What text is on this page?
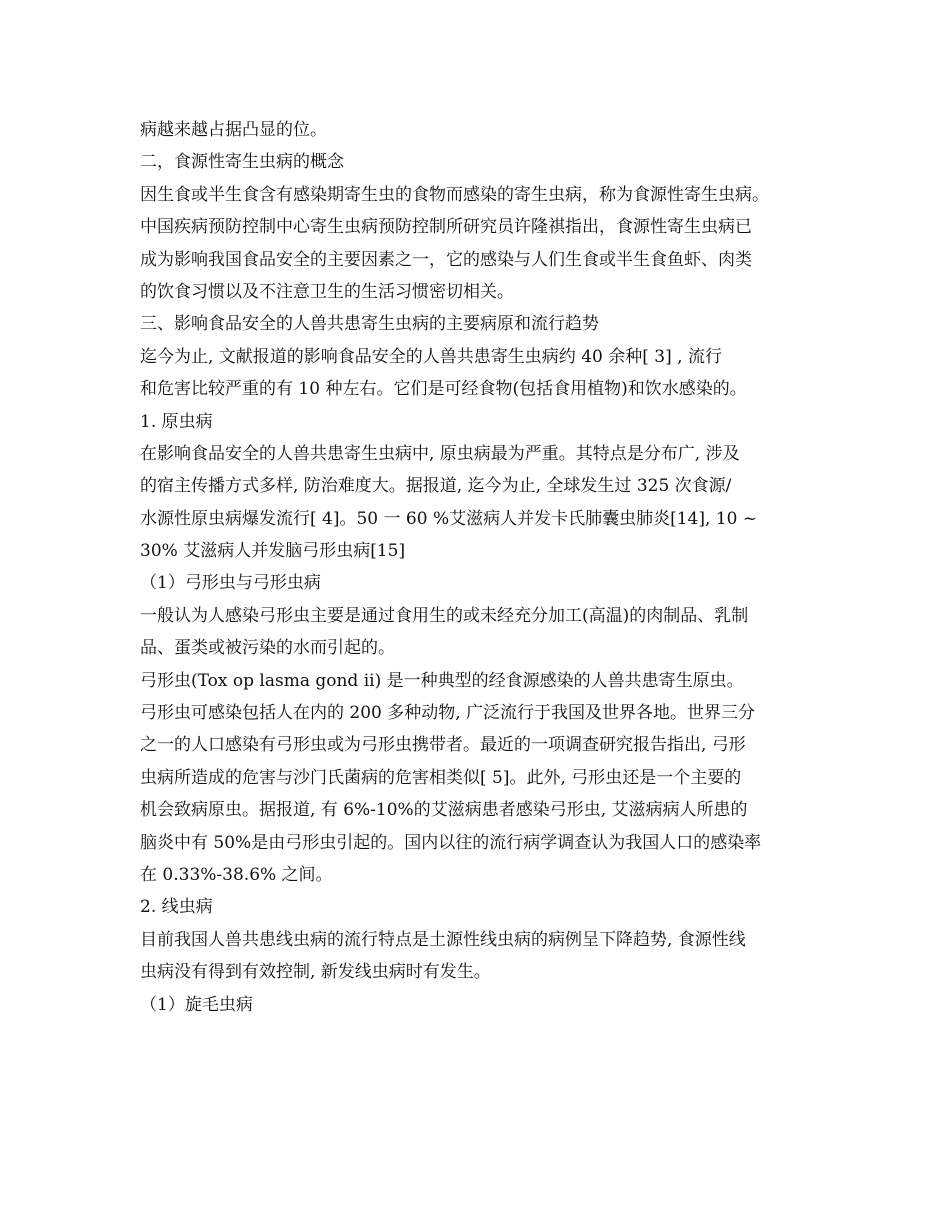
病越来越占据凸显的位。
二，食源性寄生虫病的概念
因生食或半生食含有感染期寄生虫的食物而感染的寄生虫病，称为食源性寄生虫病。
中国疾病预防控制中心寄生虫病预防控制所研究员许隆祺指出，食源性寄生虫病已
成为影响我国食品安全的主要因素之一，它的感染与人们生食或半生食鱼虾、肉类
的饮食习惯以及不注意卫生的生活习惯密切相关。
三、影响食品安全的人兽共患寄生虫病的主要病原和流行趋势
迄今为止, 文献报道的影响食品安全的人兽共患寄生虫病约 40 余种[ 3] , 流行
和危害比较严重的有 10 种左右。它们是可经食物(包括食用植物)和饮水感染的。
1. 原虫病
在影响食品安全的人兽共患寄生虫病中, 原虫病最为严重。其特点是分布广, 涉及
的宿主传播方式多样, 防治难度大。据报道, 迄今为止, 全球发生过 325 次食源/
水源性原虫病爆发流行[ 4]。50 一 60 %艾滋病人并发卡氏肺囊虫肺炎[14], 10 ~
30% 艾滋病人并发脑弓形虫病[15]
（1）弓形虫与弓形虫病
一般认为人感染弓形虫主要是通过食用生的或未经充分加工(高温)的肉制品、乳制
品、蛋类或被污染的水而引起的。
弓形虫(Tox op lasma gond ii) 是一种典型的经食源感染的人兽共患寄生原虫。
弓形虫可感染包括人在内的 200 多种动物, 广泛流行于我国及世界各地。世界三分
之一的人口感染有弓形虫或为弓形虫携带者。最近的一项调查研究报告指出, 弓形
虫病所造成的危害与沙门氏菌病的危害相类似[ 5]。此外, 弓形虫还是一个主要的
机会致病原虫。据报道, 有 6%-10%的艾滋病患者感染弓形虫, 艾滋病病人所患的
脑炎中有 50%是由弓形虫引起的。国内以往的流行病学调查认为我国人口的感染率
在 0.33%-38.6% 之间。
2. 线虫病
目前我国人兽共患线虫病的流行特点是土源性线虫病的病例呈下降趋势, 食源性线
虫病没有得到有效控制, 新发线虫病时有发生。
（1）旋毛虫病
